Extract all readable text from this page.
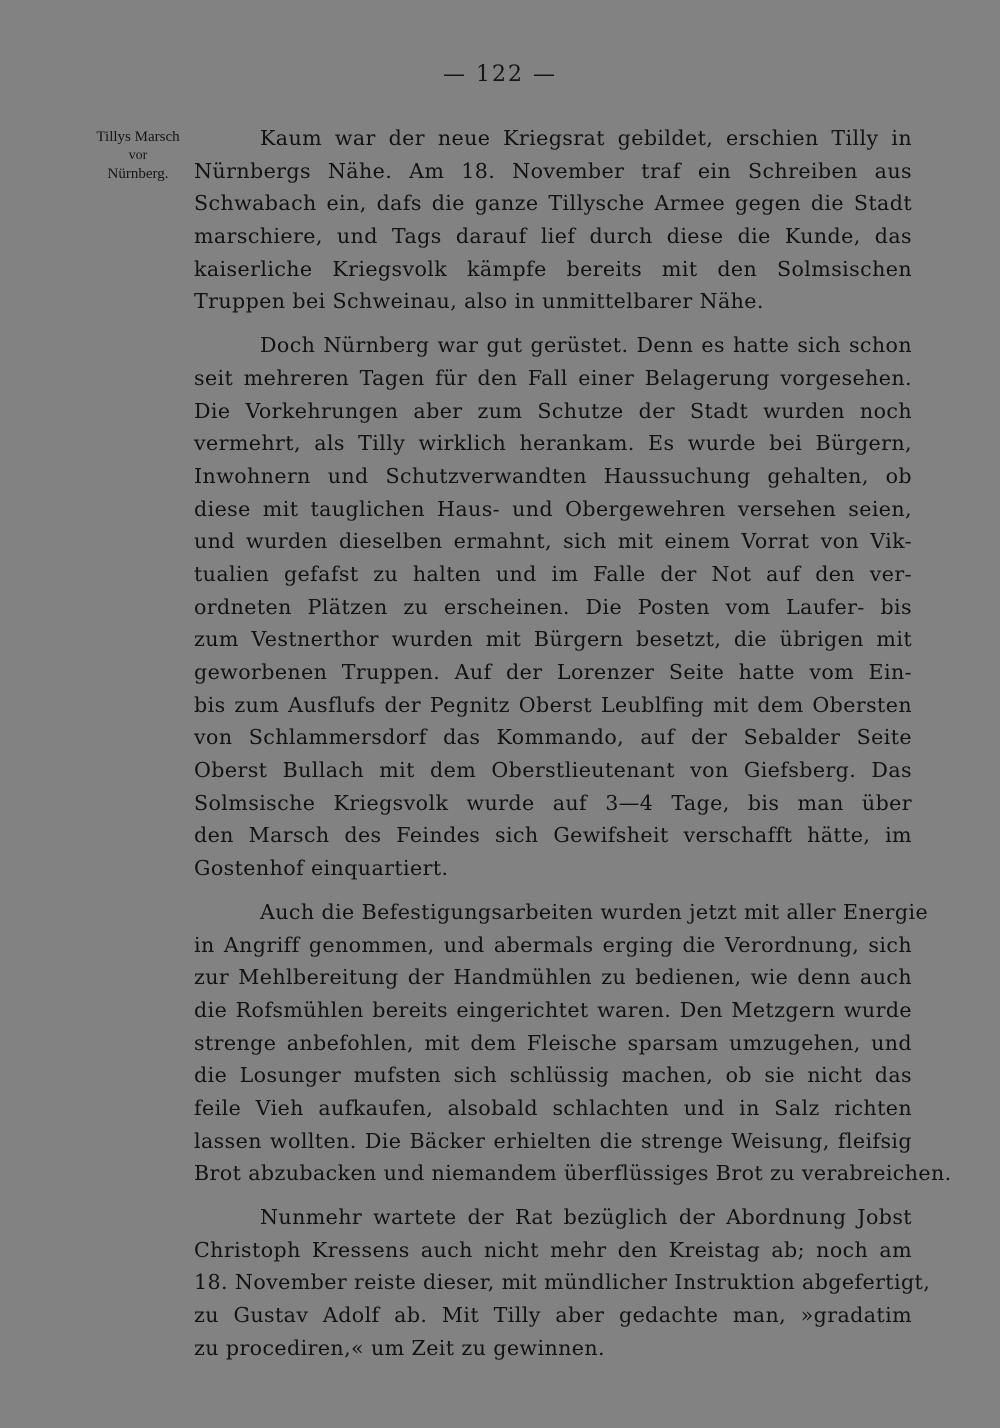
— 122 —
Tillys Marsch
vor
Nürnberg.
Kaum war der neue Kriegsrat gebildet, erschien Tilly in
Nürnbergs Nähe. Am 18. November traf ein Schreiben aus
Schwabach ein, dafs die ganze Tillysche Armee gegen die Stadt
marschiere, und Tags darauf lief durch diese die Kunde, das
kaiserliche Kriegsvolk kämpfe bereits mit den Solmsischen
Truppen bei Schweinau, also in unmittelbarer Nähe.
Doch Nürnberg war gut gerüstet. Denn es hatte sich schon
seit mehreren Tagen für den Fall einer Belagerung vorgesehen.
Die Vorkehrungen aber zum Schutze der Stadt wurden noch
vermehrt, als Tilly wirklich herankam. Es wurde bei Bürgern,
Inwohnern und Schutzverwandten Haussuchung gehalten, ob
diese mit tauglichen Haus- und Obergewehren versehen seien,
und wurden dieselben ermahnt, sich mit einem Vorrat von Vik-
tualien gefafst zu halten und im Falle der Not auf den ver-
ordneten Plätzen zu erscheinen. Die Posten vom Laufer- bis
zum Vestnerthor wurden mit Bürgern besetzt, die übrigen mit
geworbenen Truppen. Auf der Lorenzer Seite hatte vom Ein-
bis zum Ausflufs der Pegnitz Oberst Leublfing mit dem Obersten
von Schlammersdorf das Kommando, auf der Sebalder Seite
Oberst Bullach mit dem Oberstlieutenant von Giefsberg. Das
Solmsische Kriegsvolk wurde auf 3—4 Tage, bis man über
den Marsch des Feindes sich Gewifsheit verschafft hätte, im
Gostenhof einquartiert.
Auch die Befestigungsarbeiten wurden jetzt mit aller Energie
in Angriff genommen, und abermals erging die Verordnung, sich
zur Mehlbereitung der Handmühlen zu bedienen, wie denn auch
die Rofsmühlen bereits eingerichtet waren. Den Metzgern wurde
strenge anbefohlen, mit dem Fleische sparsam umzugehen, und
die Losunger mufsten sich schlüssig machen, ob sie nicht das
feile Vieh aufkaufen, alsobald schlachten und in Salz richten
lassen wollten. Die Bäcker erhielten die strenge Weisung, fleifsig
Brot abzubacken und niemandem überflüssiges Brot zu verabreichen.
Nunmehr wartete der Rat bezüglich der Abordnung Jobst
Christoph Kressens auch nicht mehr den Kreistag ab; noch am
18. November reiste dieser, mit mündlicher Instruktion abgefertigt,
zu Gustav Adolf ab. Mit Tilly aber gedachte man, »gradatim
zu procediren,« um Zeit zu gewinnen.
